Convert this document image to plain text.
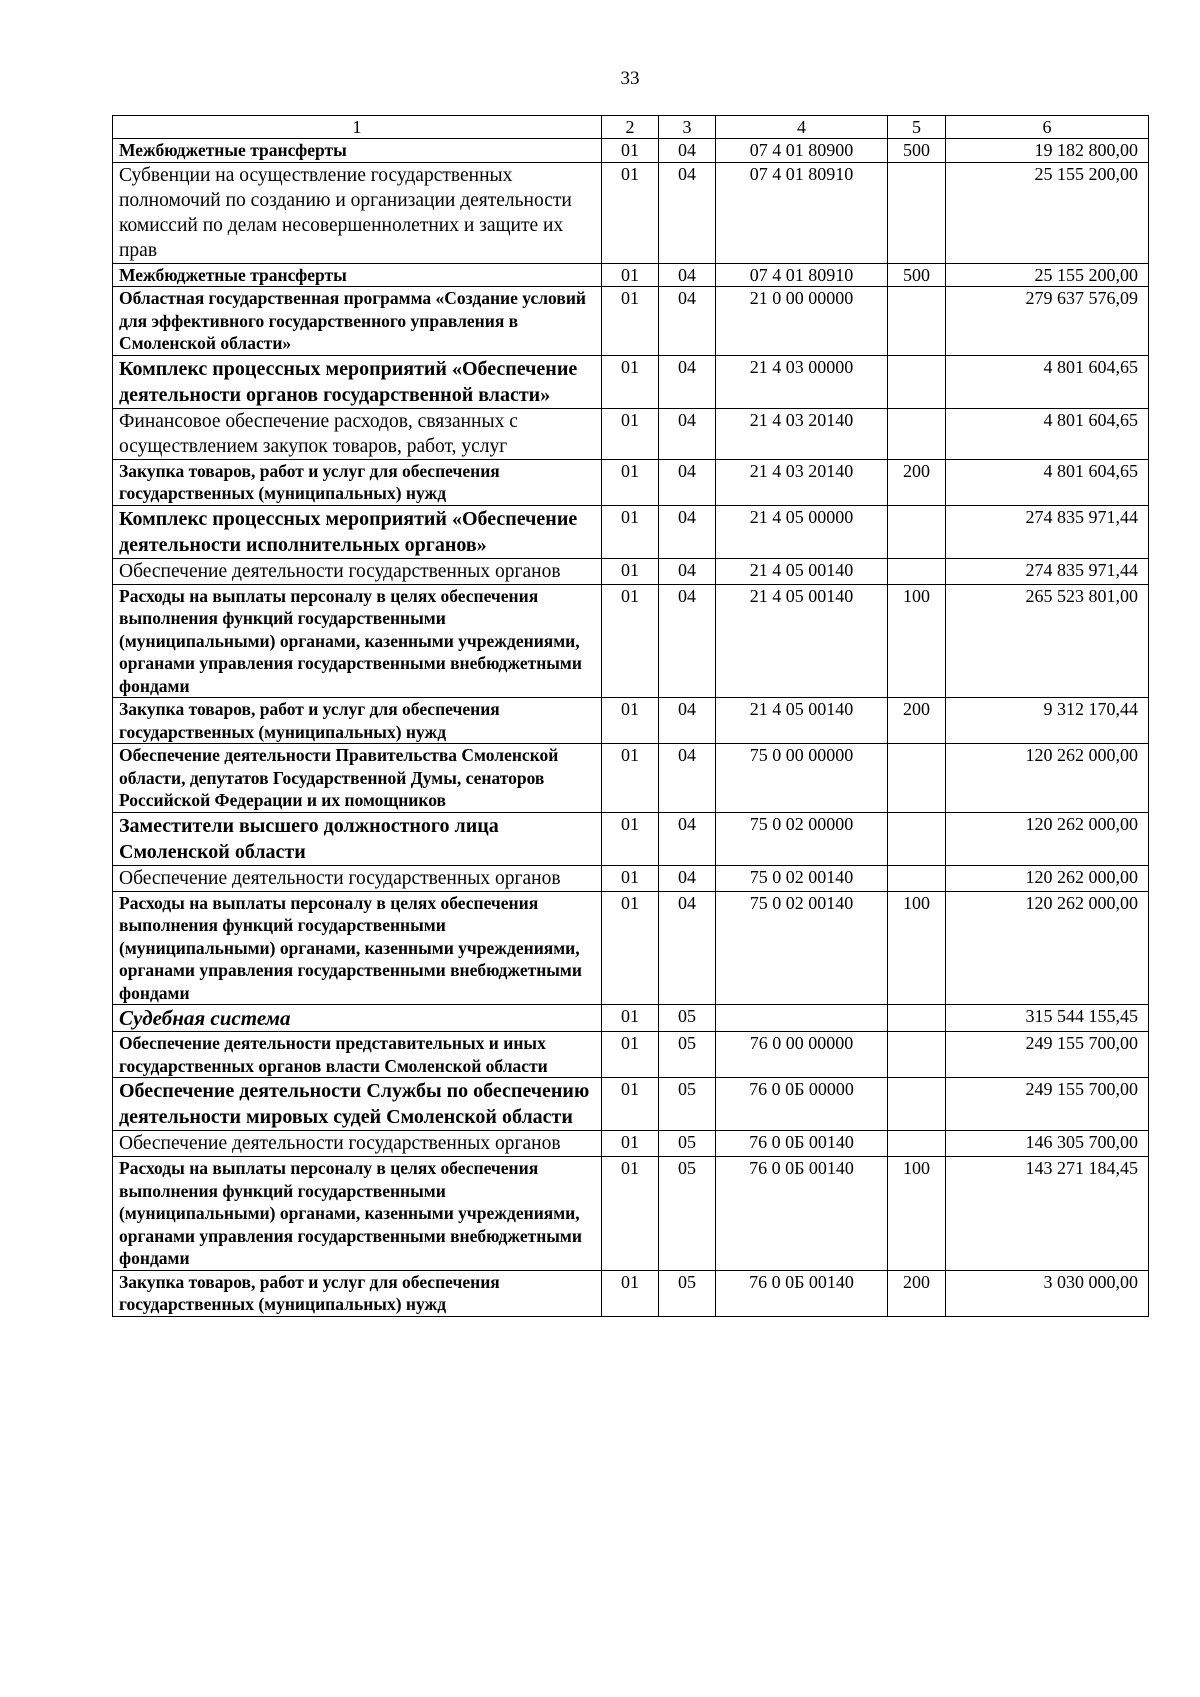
33
1	2	3	4	5	6
Межбюджетные трансферты	01	04	07 4 01 80900	500	19 182 800,00
Субвенции на осуществление государственных полномочий по созданию и организации деятельности комиссий по делам несовершеннолетних и защите их прав	01	04	07 4 01 80910		25 155 200,00
Межбюджетные трансферты	01	04	07 4 01 80910	500	25 155 200,00
Областная государственная программа «Создание условий для эффективного государственного управления в Смоленской области»	01	04	21 0 00 00000		279 637 576,09
Комплекс процессных мероприятий «Обеспечение деятельности органов государственной власти»	01	04	21 4 03 00000		4 801 604,65
Финансовое обеспечение расходов, связанных с осуществлением закупок товаров, работ, услуг	01	04	21 4 03 20140		4 801 604,65
Закупка товаров, работ и услуг для обеспечения государственных (муниципальных) нужд	01	04	21 4 03 20140	200	4 801 604,65
Комплекс процессных мероприятий «Обеспечение деятельности исполнительных органов»	01	04	21 4 05 00000		274 835 971,44
Обеспечение деятельности государственных органов	01	04	21 4 05 00140		274 835 971,44
Расходы на выплаты персоналу в целях обеспечения выполнения функций государственными (муниципальными) органами, казенными учреждениями, органами управления государственными внебюджетными фондами	01	04	21 4 05 00140	100	265 523 801,00
Закупка товаров, работ и услуг для обеспечения государственных (муниципальных) нужд	01	04	21 4 05 00140	200	9 312 170,44
Обеспечение деятельности Правительства Смоленской области, депутатов Государственной Думы, сенаторов Российской Федерации и их помощников	01	04	75 0 00 00000		120 262 000,00
Заместители высшего должностного лица Смоленской области	01	04	75 0 02 00000		120 262 000,00
Обеспечение деятельности государственных органов	01	04	75 0 02 00140		120 262 000,00
Расходы на выплаты персоналу в целях обеспечения выполнения функций государственными (муниципальными) органами, казенными учреждениями, органами управления государственными внебюджетными фондами	01	04	75 0 02 00140	100	120 262 000,00
Судебная система	01	05			315 544 155,45
Обеспечение деятельности представительных и иных государственных органов власти Смоленской области	01	05	76 0 00 00000		249 155 700,00
Обеспечение деятельности Службы по обеспечению деятельности мировых судей Смоленской области	01	05	76 0 0Б 00000		249 155 700,00
Обеспечение деятельности государственных органов	01	05	76 0 0Б 00140		146 305 700,00
Расходы на выплаты персоналу в целях обеспечения выполнения функций государственными (муниципальными) органами, казенными учреждениями, органами управления государственными внебюджетными фондами	01	05	76 0 0Б 00140	100	143 271 184,45
Закупка товаров, работ и услуг для обеспечения государственных (муниципальных) нужд	01	05	76 0 0Б 00140	200	3 030 000,00
